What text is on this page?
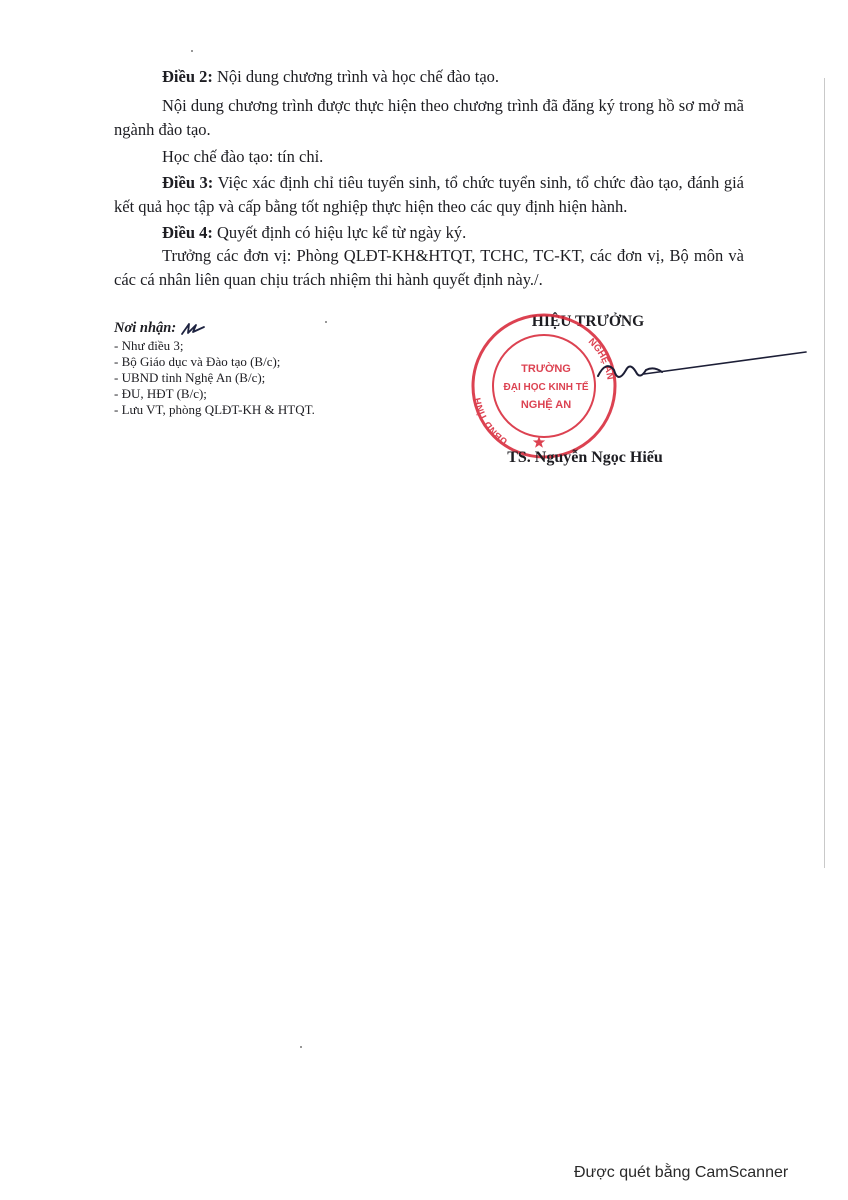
Điều 2: Nội dung chương trình và học chế đào tạo.

Nội dung chương trình được thực hiện theo chương trình đã đăng ký trong hồ sơ mở mã ngành đào tạo.

Học chế đào tạo: tín chỉ.

Điều 3: Việc xác định chỉ tiêu tuyển sinh, tổ chức tuyển sinh, tổ chức đào tạo, đánh giá kết quả học tập và cấp bằng tốt nghiệp thực hiện theo các quy định hiện hành.

Điều 4: Quyết định có hiệu lực kể từ ngày ký.

Trưởng các đơn vị: Phòng QLĐT-KH&HTQT, TCHC, TC-KT, các đơn vị, Bộ môn và các cá nhân liên quan chịu trách nhiệm thi hành quyết định này./.

Nơi nhận:
- Như điều 3;
- Bộ Giáo dục và Đào tạo (B/c);
- UBND tỉnh Nghệ An (B/c);
- ĐU, HĐT (B/c);
- Lưu VT, phòng QLĐT-KH & HTQT.
HIỆU TRƯỞNG
UBND TỈNH
NGHỆ AN
TRƯỜNG
ĐẠI HỌC KINH TẾ
NGHỆ AN
TS. Nguyễn Ngọc Hiếu
Được quét bằng CamScanner
